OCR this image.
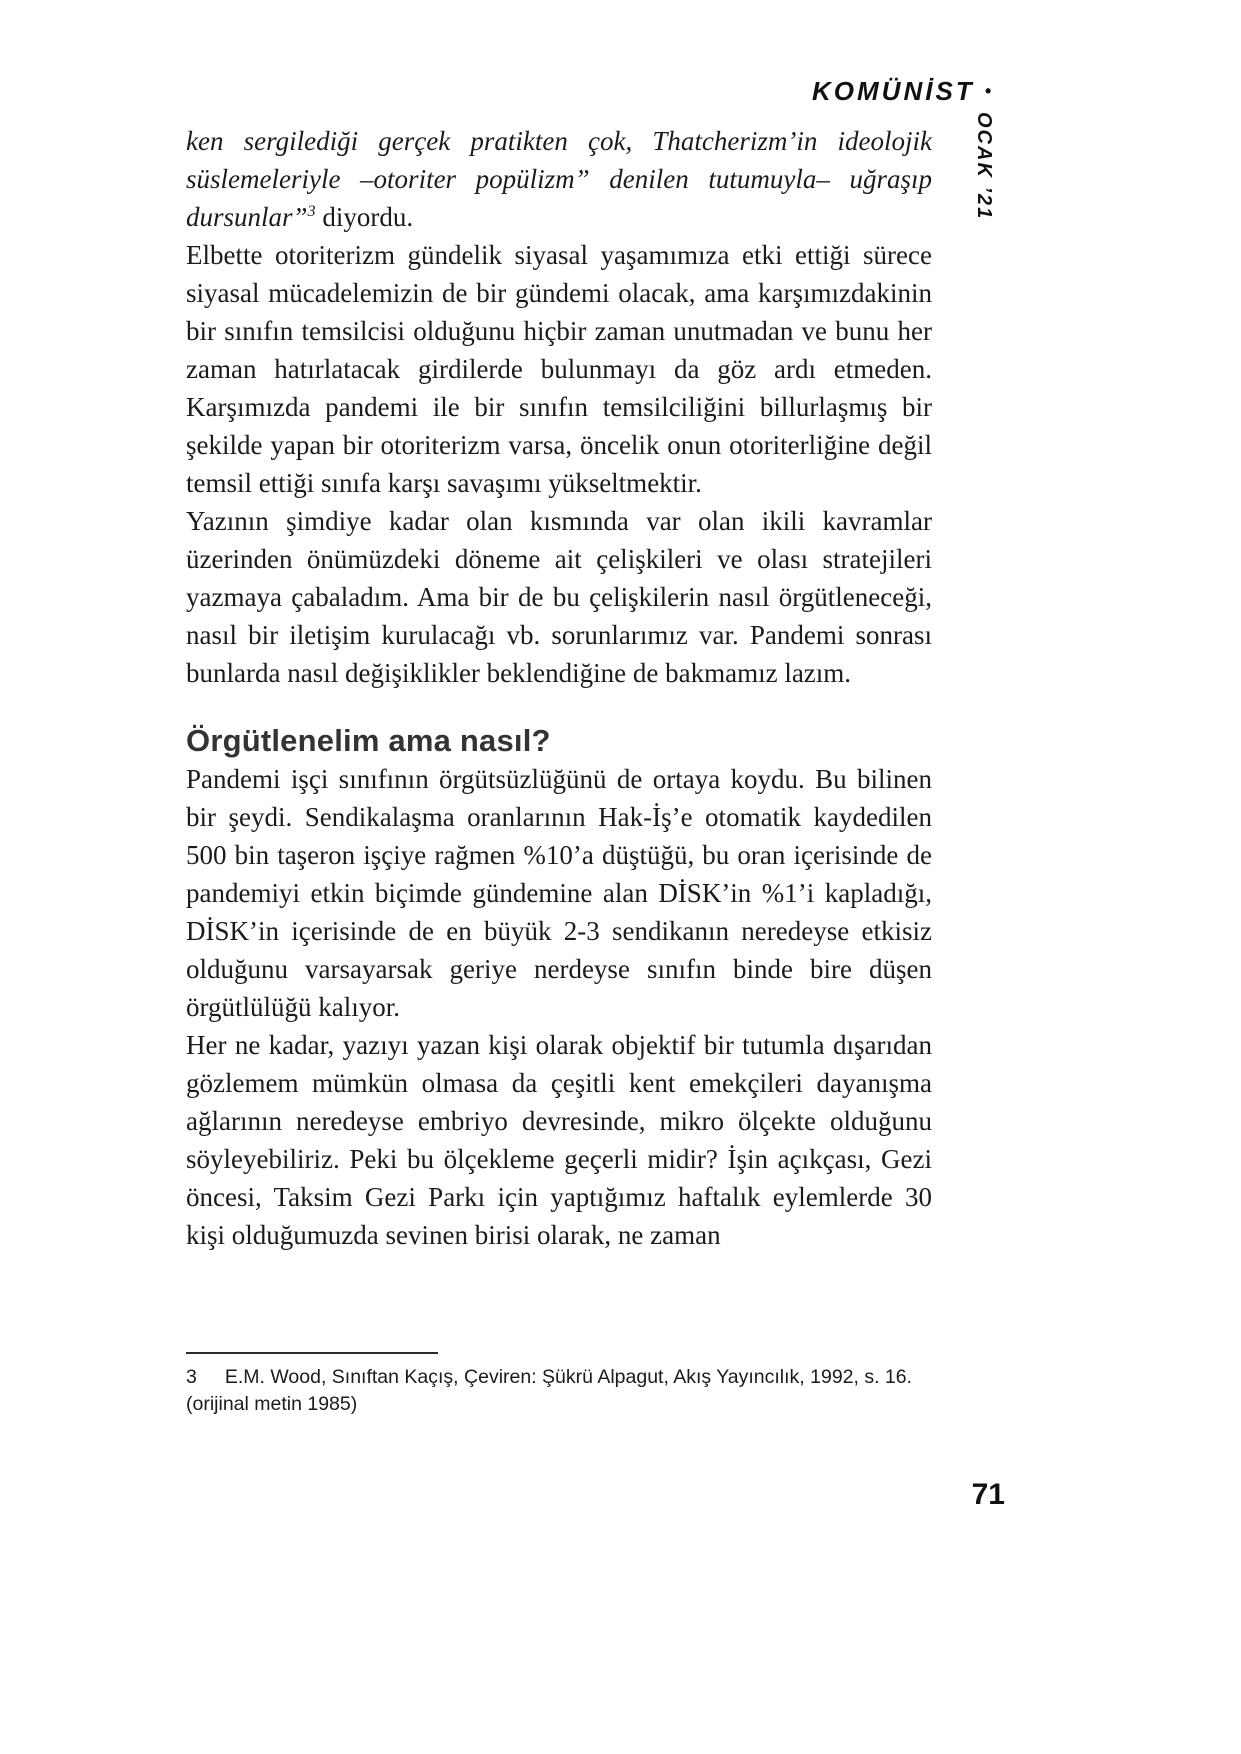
KOMÜNİST •
OCAK ’21

ken sergilediği gerçek pratikten çok, Thatcherizm’in ideolojik süslemeleriyle –otoriter popülizm” denilen tutumuyla– uğraşıp dursunlar”$^3$ diyordu.

Elbette otoriterizm gündelik siyasal yaşamımıza etki ettiği sürece siyasal mücadelemizin de bir gündemi olacak, ama karşımızdakinin bir sınıfın temsilcisi olduğunu hiçbir zaman unutmadan ve bunu her zaman hatırlatacak girdilerde bulunmayı da göz ardı etmeden. Karşımızda pandemi ile bir sınıfın temsilciliğini billurlaşmış bir şekilde yapan bir otoriterizm varsa, öncelik onun otoriterliğine değil temsil ettiği sınıfa karşı savaşımı yükseltmektir.

Yazının şimdiye kadar olan kısmında var olan ikili kavramlar üzerinden önümüzdeki döneme ait çelişkileri ve olası stratejileri yazmaya çabaladım. Ama bir de bu çelişkilerin nasıl örgütleneceği, nasıl bir iletişim kurulacağı vb. sorunlarımız var. Pandemi sonrası bunlarda nasıl değişiklikler beklendiğine de bakmamız lazım.

Örgütlenelim ama nasıl?

Pandemi işçi sınıfının örgütsüzlüğünü de ortaya koydu. Bu bilinen bir şeydi. Sendikalaşma oranlarının Hak-İş’e otomatik kaydedilen 500 bin taşeron işçiye rağmen %10’a düştüğü, bu oran içerisinde de pandemiyi etkin biçimde gündemine alan DİSK’in %1’i kapladığı, DİSK’in içerisinde de en büyük 2-3 sendikanın neredeyse etkisiz olduğunu varsayarsak geriye nerdeyse sınıfın binde bire düşen örgütlülüğü kalıyor.

Her ne kadar, yazıyı yazan kişi olarak objektif bir tutumla dışarıdan gözlemem mümkün olmasa da çeşitli kent emekçileri dayanışma ağlarının neredeyse embriyo devresinde, mikro ölçekte olduğunu söyleyebiliriz. Peki bu ölçekleme geçerli midir? İşin açıkçası, Gezi öncesi, Taksim Gezi Parkı için yaptığımız haftalık eylemlerde 30 kişi olduğumuzda sevinen birisi olarak, ne zaman

3 E.M. Wood, Sınıftan Kaçış, Çeviren: Şükrü Alpagut, Akış Yayıncılık, 1992, s. 16.(orijinal metin 1985)

71
